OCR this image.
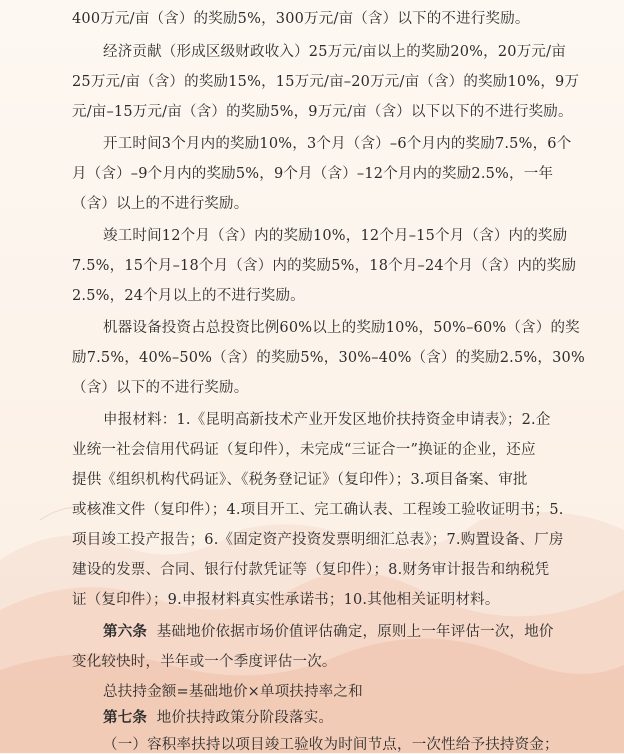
400万元/亩（含）的奖励5%，300万元/亩（含）以下的不进行奖励。
经济贡献（形成区级财政收入）25万元/亩以上的奖励20%，20万元/亩
25万元/亩（含）的奖励15%，15万元/亩–20万元/亩（含）的奖励10%，9万
元/亩–15万元/亩（含）的奖励5%，9万元/亩（含）以下以下的不进行奖励。
开工时间3个月内的奖励10%，3个月（含）–6个月内的奖励7.5%，6个
月（含）–9个月内的奖励5%，9个月（含）–12个月内的奖励2.5%，一年
（含）以上的不进行奖励。
竣工时间12个月（含）内的奖励10%，12个月–15个月（含）内的奖励
7.5%，15个月–18个月（含）内的奖励5%，18个月–24个月（含）内的奖励
2.5%，24个月以上的不进行奖励。
机器设备投资占总投资比例60%以上的奖励10%，50%–60%（含）的奖
励7.5%，40%–50%（含）的奖励5%，30%–40%（含）的奖励2.5%，30%
（含）以下的不进行奖励。
申报材料：1.《昆明高新技术产业开发区地价扶持资金申请表》；2.企
业统一社会信用代码证（复印件），未完成“三证合一”换证的企业，还应
提供《组织机构代码证》、《税务登记证》（复印件）；3.项目备案、审批
或核准文件（复印件）；4.项目开工、完工确认表、工程竣工验收证明书；5.
项目竣工投产报告；6.《固定资产投资发票明细汇总表》；7.购置设备、厂房
建设的发票、合同、银行付款凭证等（复印件）；8.财务审计报告和纳税凭
证（复印件）；9.申报材料真实性承诺书；10.其他相关证明材料。
第六条 基础地价依据市场价值评估确定，原则上一年评估一次，地价
变化较快时，半年或一个季度评估一次。
总扶持金额=基础地价×单项扶持率之和
第七条 地价扶持政策分阶段落实。
（一）容积率扶持以项目竣工验收为时间节点，一次性给予扶持资金；
